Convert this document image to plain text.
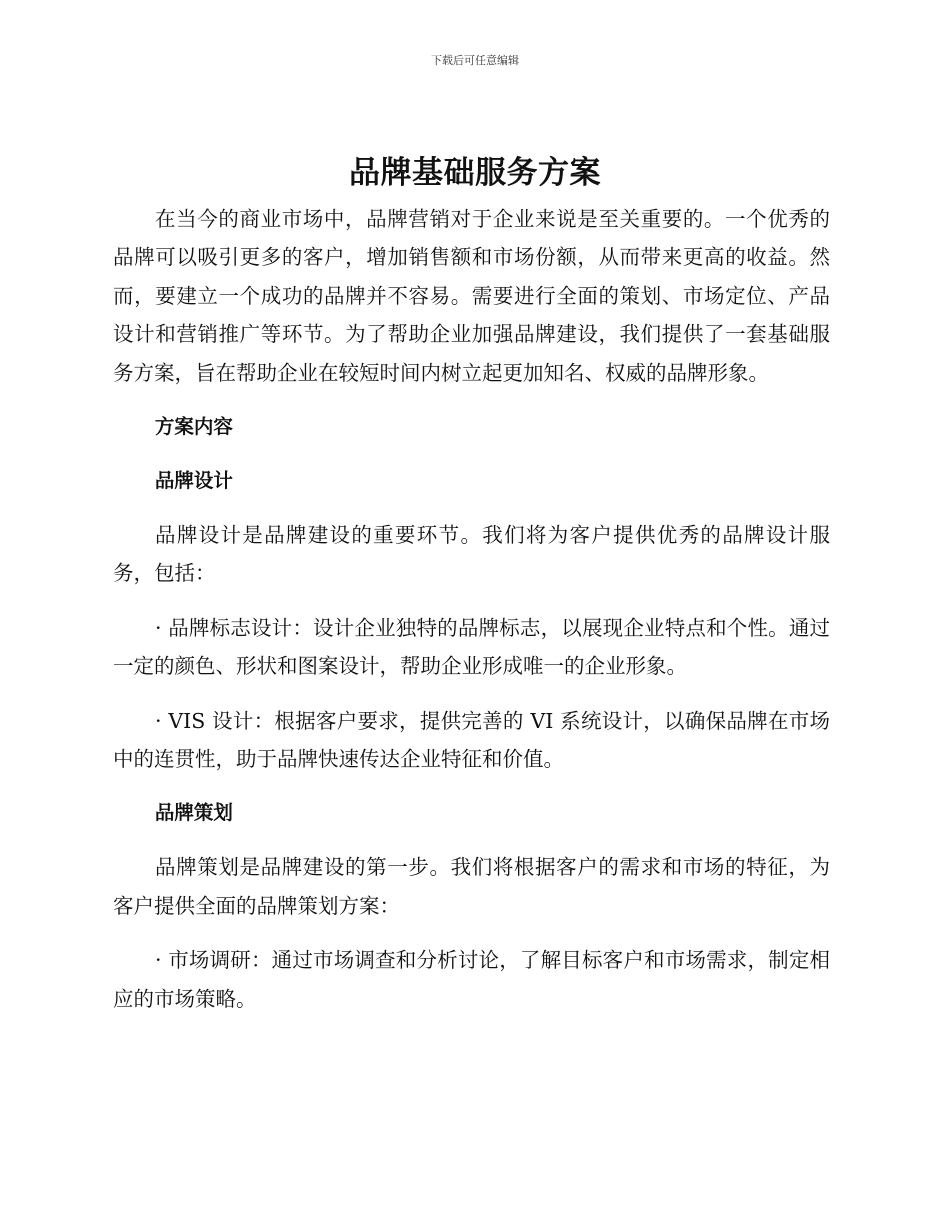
下载后可任意编辑
品牌基础服务方案

在当今的商业市场中，品牌营销对于企业来说是至关重要的。一个优秀的品牌可以吸引更多的客户，增加销售额和市场份额，从而带来更高的收益。然而，要建立一个成功的品牌并不容易。需要进行全面的策划、市场定位、产品设计和营销推广等环节。为了帮助企业加强品牌建设，我们提供了一套基础服务方案，旨在帮助企业在较短时间内树立起更加知名、权威的品牌形象。

方案内容

品牌设计

品牌设计是品牌建设的重要环节。我们将为客户提供优秀的品牌设计服务，包括：

· 品牌标志设计：设计企业独特的品牌标志，以展现企业特点和个性。通过一定的颜色、形状和图案设计，帮助企业形成唯一的企业形象。

· VIS 设计：根据客户要求，提供完善的 VI 系统设计，以确保品牌在市场中的连贯性，助于品牌快速传达企业特征和价值。

品牌策划

品牌策划是品牌建设的第一步。我们将根据客户的需求和市场的特征，为客户提供全面的品牌策划方案：

· 市场调研：通过市场调查和分析讨论，了解目标客户和市场需求，制定相应的市场策略。
